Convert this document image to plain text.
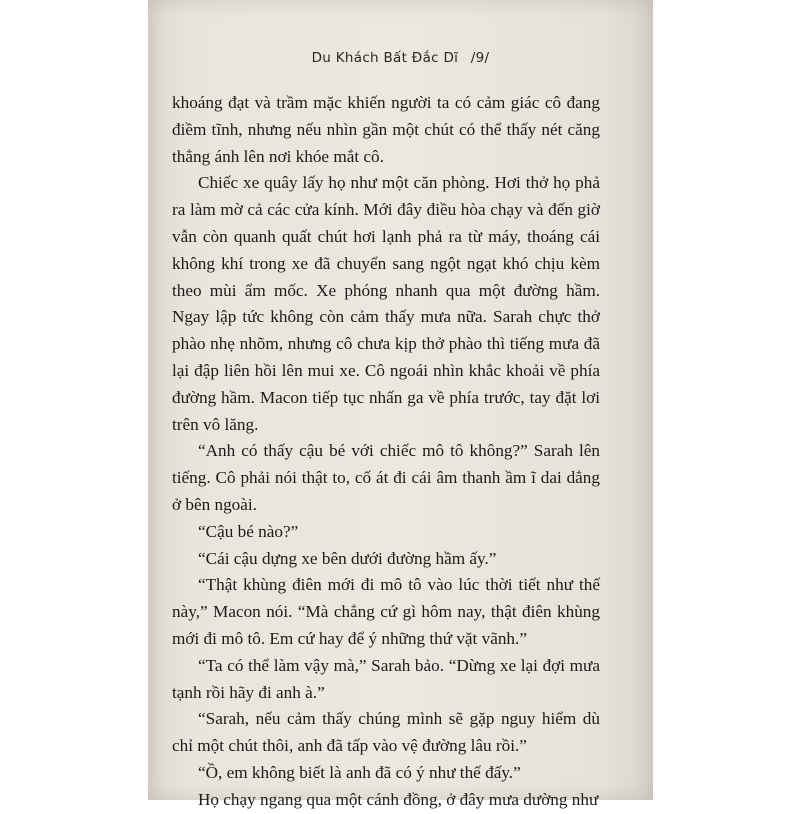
Du Khách Bất Đắc Dĩ /9/

khoáng đạt và trầm mặc khiến người ta có cảm giác cô đang điềm tĩnh, nhưng nếu nhìn gần một chút có thể thấy nét căng thẳng ánh lên nơi khóe mắt cô.

Chiếc xe quây lấy họ như một căn phòng. Hơi thở họ phả ra làm mờ cả các cửa kính. Mới đây điều hòa chạy và đến giờ vẫn còn quanh quất chút hơi lạnh phả ra từ máy, thoáng cái không khí trong xe đã chuyển sang ngột ngạt khó chịu kèm theo mùi ẩm mốc. Xe phóng nhanh qua một đường hầm. Ngay lập tức không còn cảm thấy mưa nữa. Sarah chực thở phào nhẹ nhõm, nhưng cô chưa kịp thở phào thì tiếng mưa đã lại đập liên hồi lên mui xe. Cô ngoái nhìn khắc khoải về phía đường hầm. Macon tiếp tục nhấn ga về phía trước, tay đặt lơi trên vô lăng.

“Anh có thấy cậu bé với chiếc mô tô không?” Sarah lên tiếng. Cô phải nói thật to, cố át đi cái âm thanh ầm ĩ dai dẳng ở bên ngoài.

“Cậu bé nào?”

“Cái cậu dựng xe bên dưới đường hầm ấy.”

“Thật khùng điên mới đi mô tô vào lúc thời tiết như thế này,” Macon nói. “Mà chẳng cứ gì hôm nay, thật điên khùng mới đi mô tô. Em cứ hay để ý những thứ vặt vãnh.”

“Ta có thể làm vậy mà,” Sarah bảo. “Dừng xe lại đợi mưa tạnh rồi hãy đi anh à.”

“Sarah, nếu cảm thấy chúng mình sẽ gặp nguy hiểm dù chỉ một chút thôi, anh đã tấp vào vệ đường lâu rồi.”

“Ồ, em không biết là anh đã có ý như thế đấy.”

Họ chạy ngang qua một cánh đồng, ở đây mưa dường như
